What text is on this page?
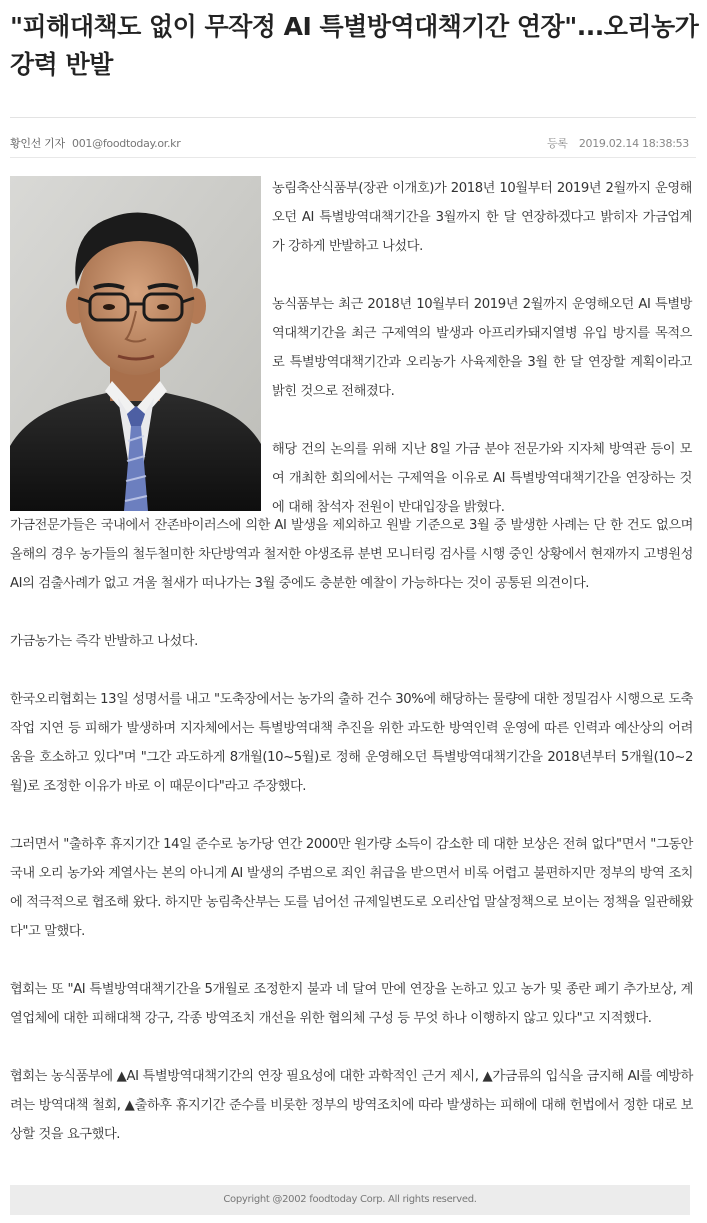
"피해대책도 없이 무작정 AI 특별방역대책기간 연장"...오리농가 강력 반발
황인선 기자 001@foodtoday.or.kr	등록 2019.02.14 18:38:53

농림축산식품부(장관 이개호)가 2018년 10월부터 2019년 2월까지 운영해오던 AI 특별방역대책기간을 3월까지 한 달 연장하겠다고 밝히자 가금업계가 강하게 반발하고 나섰다.

농식품부는 최근 2018년 10월부터 2019년 2월까지 운영해오던 AI 특별방역대책기간을 최근 구제역의 발생과 아프리카돼지열병 유입 방지를 목적으로 특별방역대책기간과 오리농가 사육제한을 3월 한 달 연장할 계획이라고 밝힌 것으로 전해졌다.

해당 건의 논의를 위해 지난 8일 가금 분야 전문가와 지자체 방역관 등이 모여 개최한 회의에서는 구제역을 이유로 AI 특별방역대책기간을 연장하는 것에 대해 참석자 전원이 반대입장을 밝혔다.

가금전문가들은 국내에서 잔존바이러스에 의한 AI 발생을 제외하고 원발 기준으로 3월 중 발생한 사례는 단 한 건도 없으며 올해의 경우 농가들의 철두철미한 차단방역과 철저한 야생조류 분변 모니터링 검사를 시행 중인 상황에서 현재까지 고병원성 AI의 검출사례가 없고 겨울 철새가 떠나가는 3월 중에도 충분한 예찰이 가능하다는 것이 공통된 의견이다.

가금농가는 즉각 반발하고 나섰다.

한국오리협회는 13일 성명서를 내고 "도축장에서는 농가의 출하 건수 30%에 해당하는 물량에 대한 정밀검사 시행으로 도축작업 지연 등 피해가 발생하며 지자체에서는 특별방역대책 추진을 위한 과도한 방역인력 운영에 따른 인력과 예산상의 어려움을 호소하고 있다"며 "그간 과도하게 8개월(10~5월)로 정해 운영해오던 특별방역대책기간을 2018년부터 5개월(10~2월)로 조정한 이유가 바로 이 때문이다"라고 주장했다.

그러면서 "출하후 휴지기간 14일 준수로 농가당 연간 2000만 원가량 소득이 감소한 데 대한 보상은 전혀 없다"면서 "그동안 국내 오리 농가와 계열사는 본의 아니게 AI 발생의 주범으로 죄인 취급을 받으면서 비록 어렵고 불편하지만 정부의 방역 조치에 적극적으로 협조해 왔다. 하지만 농림축산부는 도를 넘어선 규제일변도로 오리산업 말살정책으로 보이는 정책을 일관해왔다"고 말했다.

협회는 또 "AI 특별방역대책기간을 5개월로 조정한지 불과 네 달여 만에 연장을 논하고 있고 농가 및 종란 폐기 추가보상, 계열업체에 대한 피해대책 강구, 각종 방역조치 개선을 위한 협의체 구성 등 무엇 하나 이행하지 않고 있다"고 지적했다.

협회는 농식품부에 ▲AI 특별방역대책기간의 연장 필요성에 대한 과학적인 근거 제시, ▲가금류의 입식을 금지해 AI를 예방하려는 방역대책 철회, ▲출하후 휴지기간 준수를 비롯한 정부의 방역조치에 따라 발생하는 피해에 대해 헌법에서 정한 대로 보상할 것을 요구했다.

Copyright @2002 foodtoday Corp. All rights reserved.
